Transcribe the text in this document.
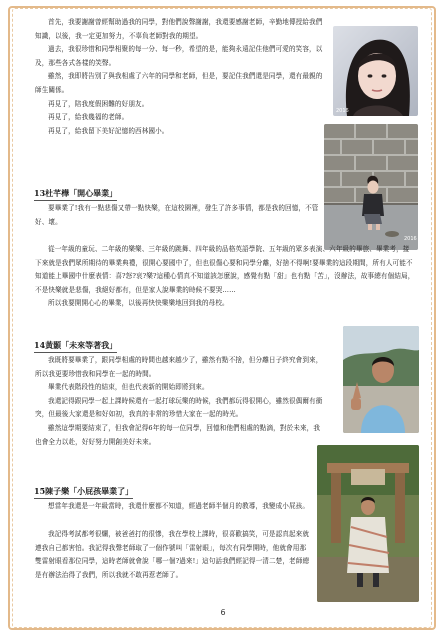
首先，我要謝謝曾經幫助過我的同學，對他們說聲謝謝，我還要感謝老師，辛勤地傳授給我們知識，以後，我一定更加努力，不辜負老師對我的期望。

過去，我很珍惜和同學相聚的每一分、每一秒，希望的是，能夠永遠記住他們可愛的笑容，以及，那些各式各樣的笑聲。

雖然，我即將告別了與我相處了六年的同學和老師，但是，要記住我們還是同學，還有最親的師生關係。

再見了，陪我度假困難的好朋友。

再見了，給我幾福的老師。

再見了，給我留下美好記憶的西林國小。

2016
2016
13杜芊樺「開心畢業」

要畢業了!我有一點悲傷又帶一點快樂，在這校園裡，發生了許多事情，都是我的回憶，不管好、壞。

從一年級的童玩、二年級的樂樂、三年級的跳舞、四年級的品格英語學院、五年級的眾多表演、六年級的畢旅、畢業考，接下來就是我們眾所期待的畢業典禮，很開心要國中了，但也很傷心要和同學分離，好捨不得啊!要畢業的這段期間，所有人可能不知道能上畢國中什麼表情：喜?怒?哀?樂?這種心情真不知道該怎麼說，感覺有點「甜」也有點「苦」，沒辦法，故事總有個結局，不是快樂就是悲傷，我絕好都有，但是家人說畢業的時候不要哭……

所以我要開開心心的畢業，以後再快快樂樂地回到我的母校。

14黃顥「未來等著我」

我既將要畢業了，跟同學相處的時間也越來越少了，雖然有點不捨，但分離日子終究會到來，所以我更要珍惜我和同學在一起的時間。

畢業代表階段性的結束，但也代表新的開始即將到來。

我還記得跟同學一起上課時候還有一起打球玩樂的時候，我們都玩得很開心，雖然很偶爾有衝突，但最後大家還是和好如初，我真的非常的珍惜大家在一起的時光。

雖然這學期要結束了，但我會記得6年的每一位同學，回憶和他們相處的點滴，對於未來，我也會全力以赴，好好努力開創美好未來。

15陳子樂「小屁孩畢業了」

想當年我還是一年級當時，我還什麼都不知道，經過老師半個月的教導，我變成小屁孩。

我記得考試都考很爛，被爸爸打的很慘，我在學校上課時，很喜歡搞笑，可是認真起來就連我自己都害怕。我記得我聲老師取了一個作號叫「雷射眼」，每次有同學開時，他就會用那雙雷射眼看那位同學，這時老師就會說「哪一個?過來!」這句話我們經記得一清二楚，老師總是有辦法治得了我們，所以我就不敢再惹老師了。

6
